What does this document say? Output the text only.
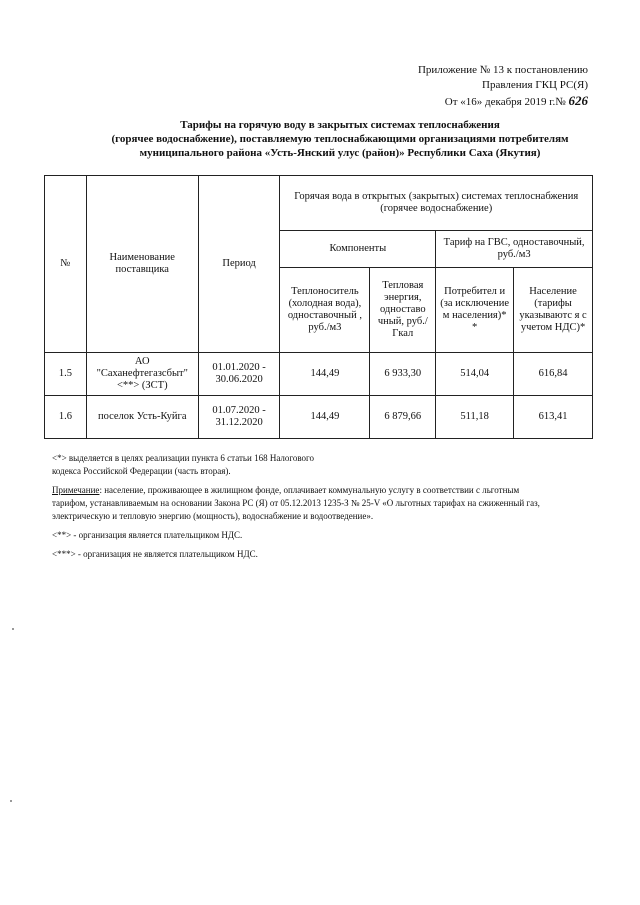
Приложение № 13 к постановлению
Правления ГКЦ РС(Я)
От «16» декабря 2019 г.№ 626
Тарифы на горячую воду в закрытых системах теплоснабжения
(горячее водоснабжение), поставляемую теплоснабжающими организациями потребителям
муниципального района «Усть-Янский улус (район)» Республики Саха (Якутия)
№	Наименование поставщика	Период	Горячая вода в открытых (закрытых) системах теплоснабжения (горячее водоснабжение)			
			Компоненты		Тариф на ГВС, одноставочный, руб./м3	
			Теплоноситель (холодная вода), одноставочный , руб./м3	Тепловая энергия, одноставо чный, руб./Гкал	Потребител и (за исключение м населения)* *	Население (тарифы указываютс я с учетом НДС)*
1.5	АО "Саханефтегазсбыт" <**> (ЗСТ)	01.01.2020 - 30.06.2020	144,49	6 933,30	514,04	616,84
1.6	поселок Усть-Куйга	01.07.2020 - 31.12.2020	144,49	6 879,66	511,18	613,41

<*> выделяется в целях реализации пункта 6 статьи 168 Налогового
кодекса Российской Федерации (часть вторая).

Примечание: население, проживающее в жилищном фонде, оплачивает коммунальную услугу в соответствии с льготным
тарифом, устанавливаемым на основании Закона РС (Я) от 05.12.2013 1235-З № 25-V «О льготных тарифах на сжиженный газ,
электрическую и тепловую энергию (мощность), водоснабжение и водоотведение».

<**> - организация является плательщиком НДС.

<***> - организация не является плательщиком НДС.
